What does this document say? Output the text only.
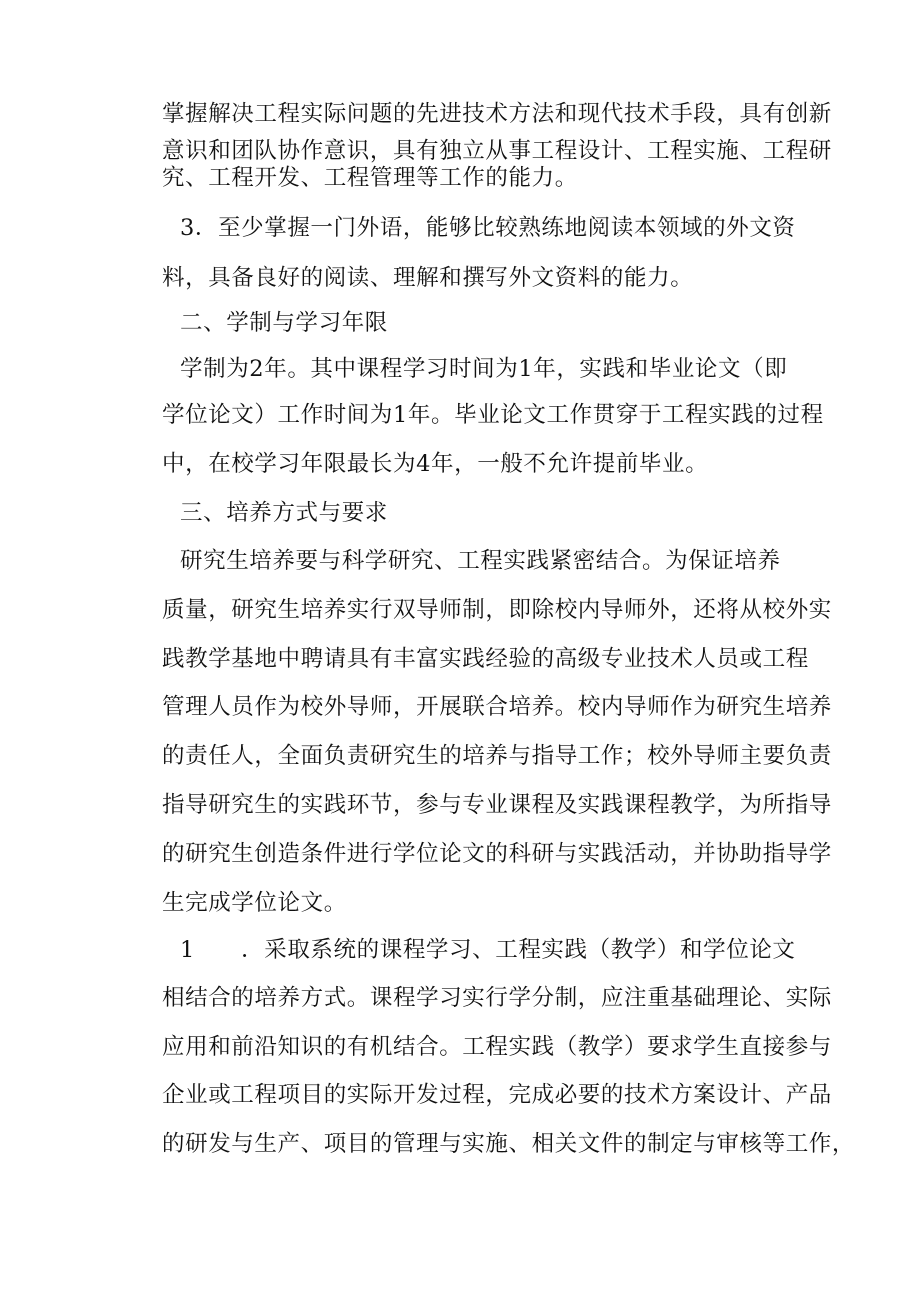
掌握解决工程实际问题的先进技术方法和现代技术手段，具有创新
意识和团队协作意识，具有独立从事工程设计、工程实施、工程研
究、工程开发、工程管理等工作的能力。
3．至少掌握一门外语，能够比较熟练地阅读本领域的外文资
料，具备良好的阅读、理解和撰写外文资料的能力。
二、学制与学习年限
学制为2年。其中课程学习时间为1年，实践和毕业论文（即
学位论文）工作时间为1年。毕业论文工作贯穿于工程实践的过程
中，在校学习年限最长为4年，一般不允许提前毕业。
三、培养方式与要求
研究生培养要与科学研究、工程实践紧密结合。为保证培养
质量，研究生培养实行双导师制，即除校内导师外，还将从校外实
践教学基地中聘请具有丰富实践经验的高级专业技术人员或工程
管理人员作为校外导师，开展联合培养。校内导师作为研究生培养
的责任人，全面负责研究生的培养与指导工作；校外导师主要负责
指导研究生的实践环节，参与专业课程及实践课程教学，为所指导
的研究生创造条件进行学位论文的科研与实践活动，并协助指导学
生完成学位论文。
1　　．采取系统的课程学习、工程实践（教学）和学位论文
相结合的培养方式。课程学习实行学分制，应注重基础理论、实际
应用和前沿知识的有机结合。工程实践（教学）要求学生直接参与
企业或工程项目的实际开发过程，完成必要的技术方案设计、产品
的研发与生产、项目的管理与实施、相关文件的制定与审核等工作，
